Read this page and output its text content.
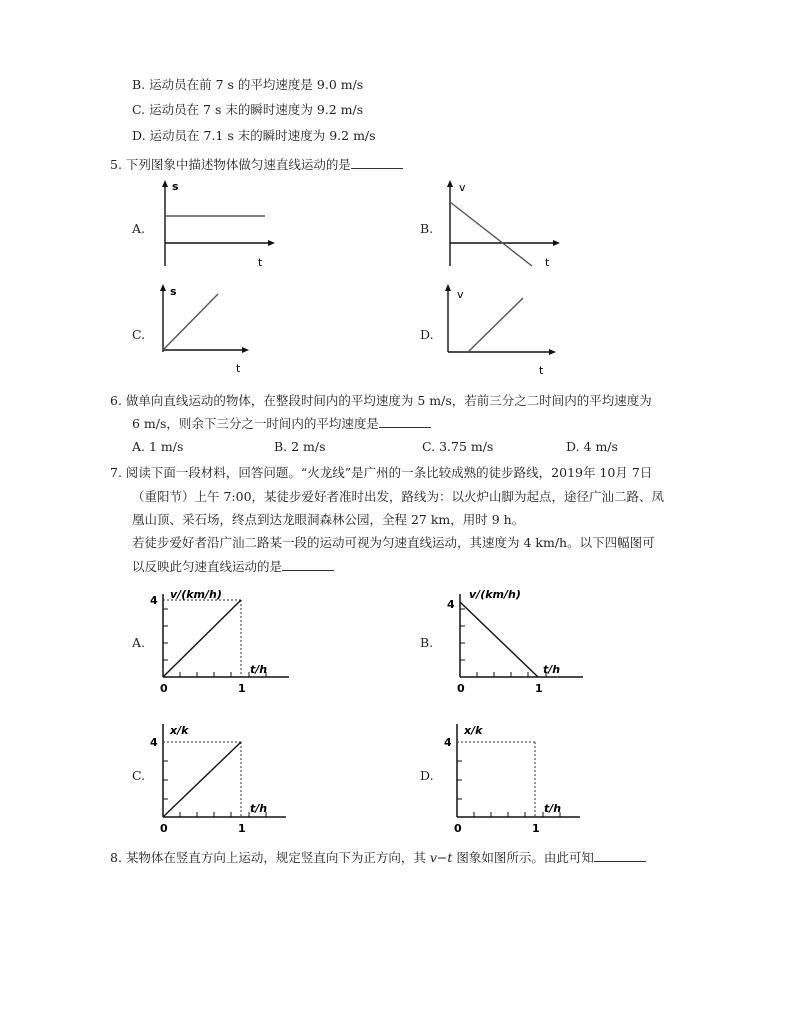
B. 运动员在前 7 s 的平均速度是 9.0 m/s
C. 运动员在 7 s 末的瞬时速度为 9.2 m/s
D. 运动员在 7.1 s 末的瞬时速度为 9.2 m/s
5. 下列图象中描述物体做匀速直线运动的是
A.
s
t
B.
v
t
C.
s
t
D.
v
t
6. 做单向直线运动的物体，在整段时间内的平均速度为 5 m/s，若前三分之二时间内的平均速度为
6 m/s，则余下三分之一时间内的平均速度是
A. 1 m/s	B. 2 m/s	C. 3.75 m/s	D. 4 m/s
7. 阅读下面一段材料，回答问题。“火龙线”是广州的一条比较成熟的徒步路线，2019年 10月 7日
（重阳节）上午 7:00，某徒步爱好者准时出发，路线为：以火炉山脚为起点，途径广汕二路、凤
凰山顶、采石场，终点到达龙眼洞森林公园，全程 27 km，用时 9 h。
若徒步爱好者沿广汕二路某一段的运动可视为匀速直线运动，其速度为 4 km/h。以下四幅图可
以反映此匀速直线运动的是
A.
v/(km/h)
4
t/h
0	1
B.
v/(km/h)
4
t/h
0	1
C.
x/k
4
t/h
0	1
D.
x/k
4
t/h
0	1
8. 某物体在竖直方向上运动，规定竖直向下为正方向，其 v−t 图象如图所示。由此可知
